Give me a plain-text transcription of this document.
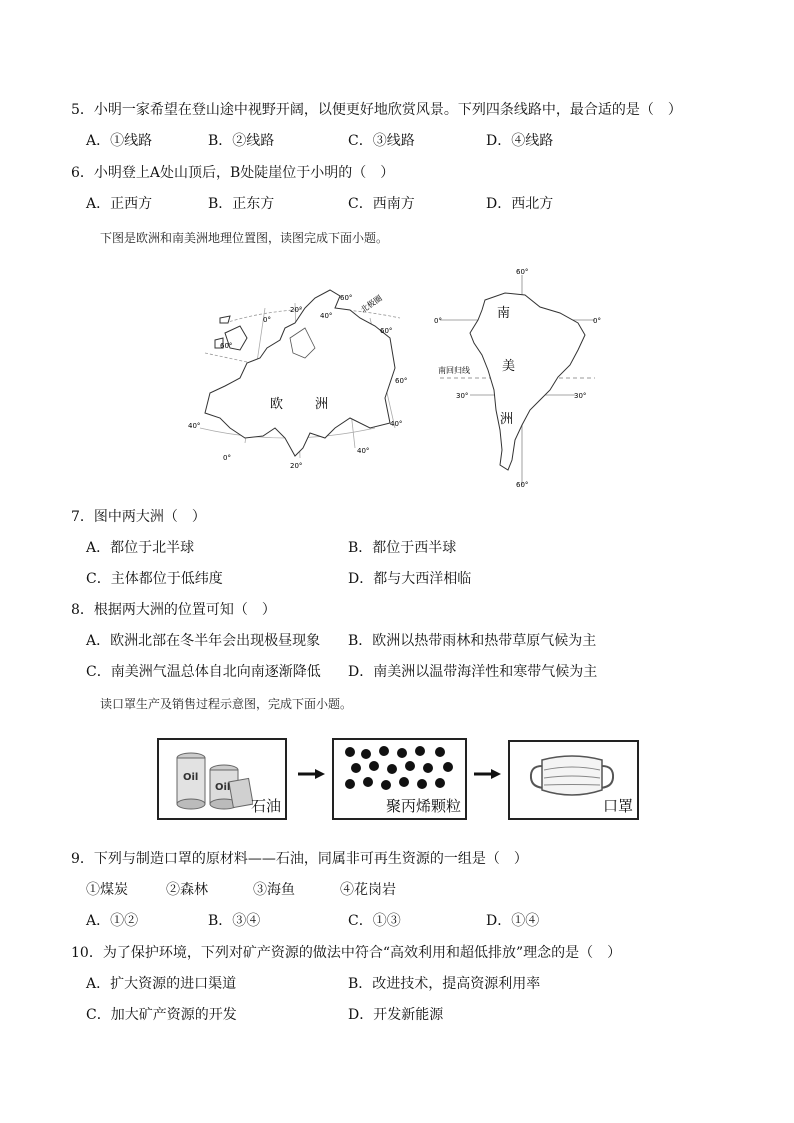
5．小明一家希望在登山途中视野开阔，以便更好地欣赏风景。下列四条线路中，最合适的是（　）
A．①线路	B．②线路	C．③线路	D．④线路
6．小明登上A处山顶后，B处陡崖位于小明的（　）
A．正西方	B．正东方	C．西南方	D．西北方
下图是欧洲和南美洲地理位置图，读图完成下面小题。
欧 洲
北极圈
0°
20°
40°
60°
60°
60°
40°	40°
0°
20°
40°
60°
南
美
洲
南回归线
60°
0°	0°
30°	30°
60°
7．图中两大洲（　）
A．都位于北半球	B．都位于西半球
C．主体都位于低纬度	D．都与大西洋相临
8．根据两大洲的位置可知（　）
A．欧洲北部在冬半年会出现极昼现象 B．欧洲以热带雨林和热带草原气候为主
C．南美洲气温总体自北向南逐渐降低 D．南美洲以温带海洋性和寒带气候为主
读口罩生产及销售过程示意图，完成下面小题。
Oil
Oil
石油	聚丙烯颗粒	口罩
9．下列与制造口罩的原材料——石油，同属非可再生资源的一组是（　）
①煤炭	②森林	③海鱼	④花岗岩
A．①②	B．③④	C．①③	D．①④
10．为了保护环境，下列对矿产资源的做法中符合“高效利用和超低排放”理念的是（　）
A．扩大资源的进口渠道	B．改进技术，提高资源利用率
C．加大矿产资源的开发	D．开发新能源
